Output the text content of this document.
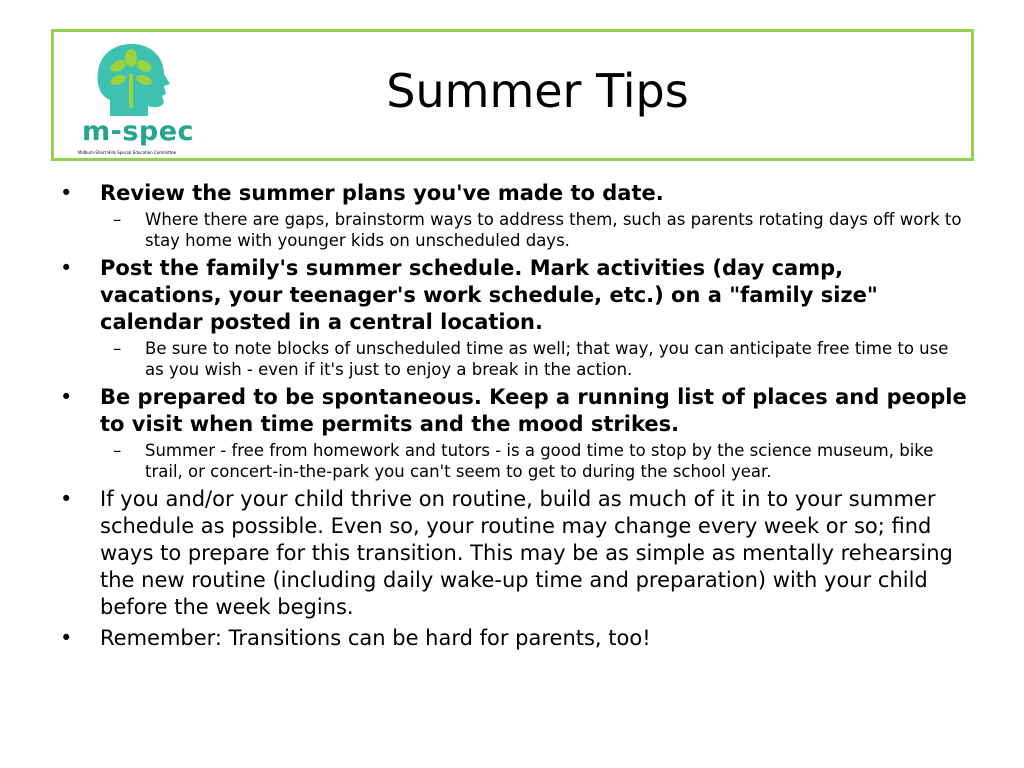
m-spec
Millburn-Short Hills Special Education Committee
Summer Tips
• Review the summer plans you've made to date.
– Where there are gaps, brainstorm ways to address them, such as parents rotating days off work to stay home with younger kids on unscheduled days.
• Post the family's summer schedule. Mark activities (day camp, vacations, your teenager's work schedule, etc.) on a "family size" calendar posted in a central location.
– Be sure to note blocks of unscheduled time as well; that way, you can anticipate free time to use as you wish - even if it's just to enjoy a break in the action.
• Be prepared to be spontaneous. Keep a running list of places and people to visit when time permits and the mood strikes.
– Summer - free from homework and tutors - is a good time to stop by the science museum, bike trail, or concert-in-the-park you can't seem to get to during the school year.
• If you and/or your child thrive on routine, build as much of it in to your summer schedule as possible. Even so, your routine may change every week or so; find ways to prepare for this transition. This may be as simple as mentally rehearsing the new routine (including daily wake-up time and preparation) with your child before the week begins.
• Remember: Transitions can be hard for parents, too!
